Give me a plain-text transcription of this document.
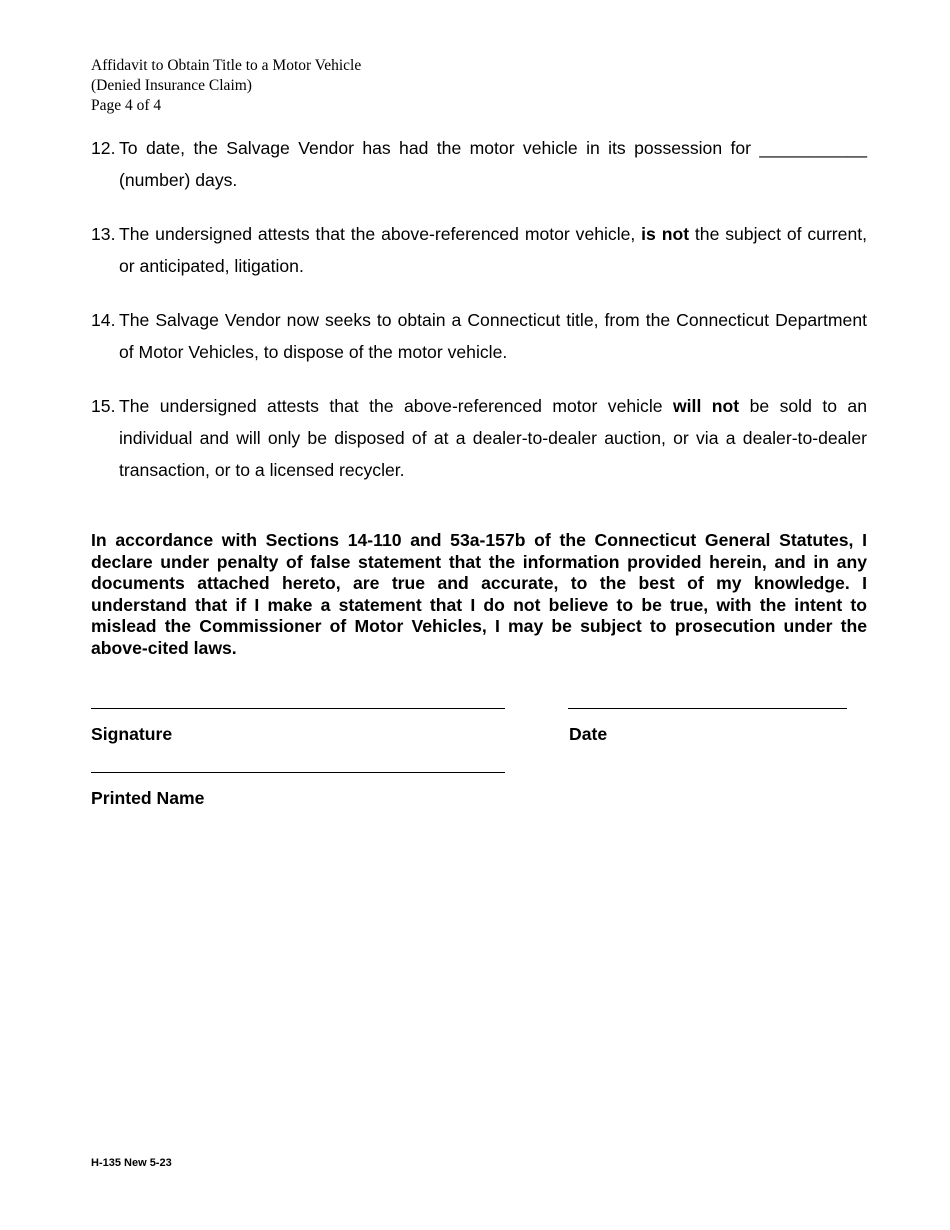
Affidavit to Obtain Title to a Motor Vehicle
(Denied Insurance Claim)
Page 4 of 4
12. To date, the Salvage Vendor has had the motor vehicle in its possession for ___________ (number) days.
13. The undersigned attests that the above-referenced motor vehicle, is not the subject of current, or anticipated, litigation.
14. The Salvage Vendor now seeks to obtain a Connecticut title, from the Connecticut Department of Motor Vehicles, to dispose of the motor vehicle.
15. The undersigned attests that the above-referenced motor vehicle will not be sold to an individual and will only be disposed of at a dealer-to-dealer auction, or via a dealer-to-dealer transaction, or to a licensed recycler.
In accordance with Sections 14-110 and 53a-157b of the Connecticut General Statutes, I declare under penalty of false statement that the information provided herein, and in any documents attached hereto, are true and accurate, to the best of my knowledge. I understand that if I make a statement that I do not believe to be true, with the intent to mislead the Commissioner of Motor Vehicles, I may be subject to prosecution under the above-cited laws.
Signature	Date
Printed Name
H-135 New 5-23
